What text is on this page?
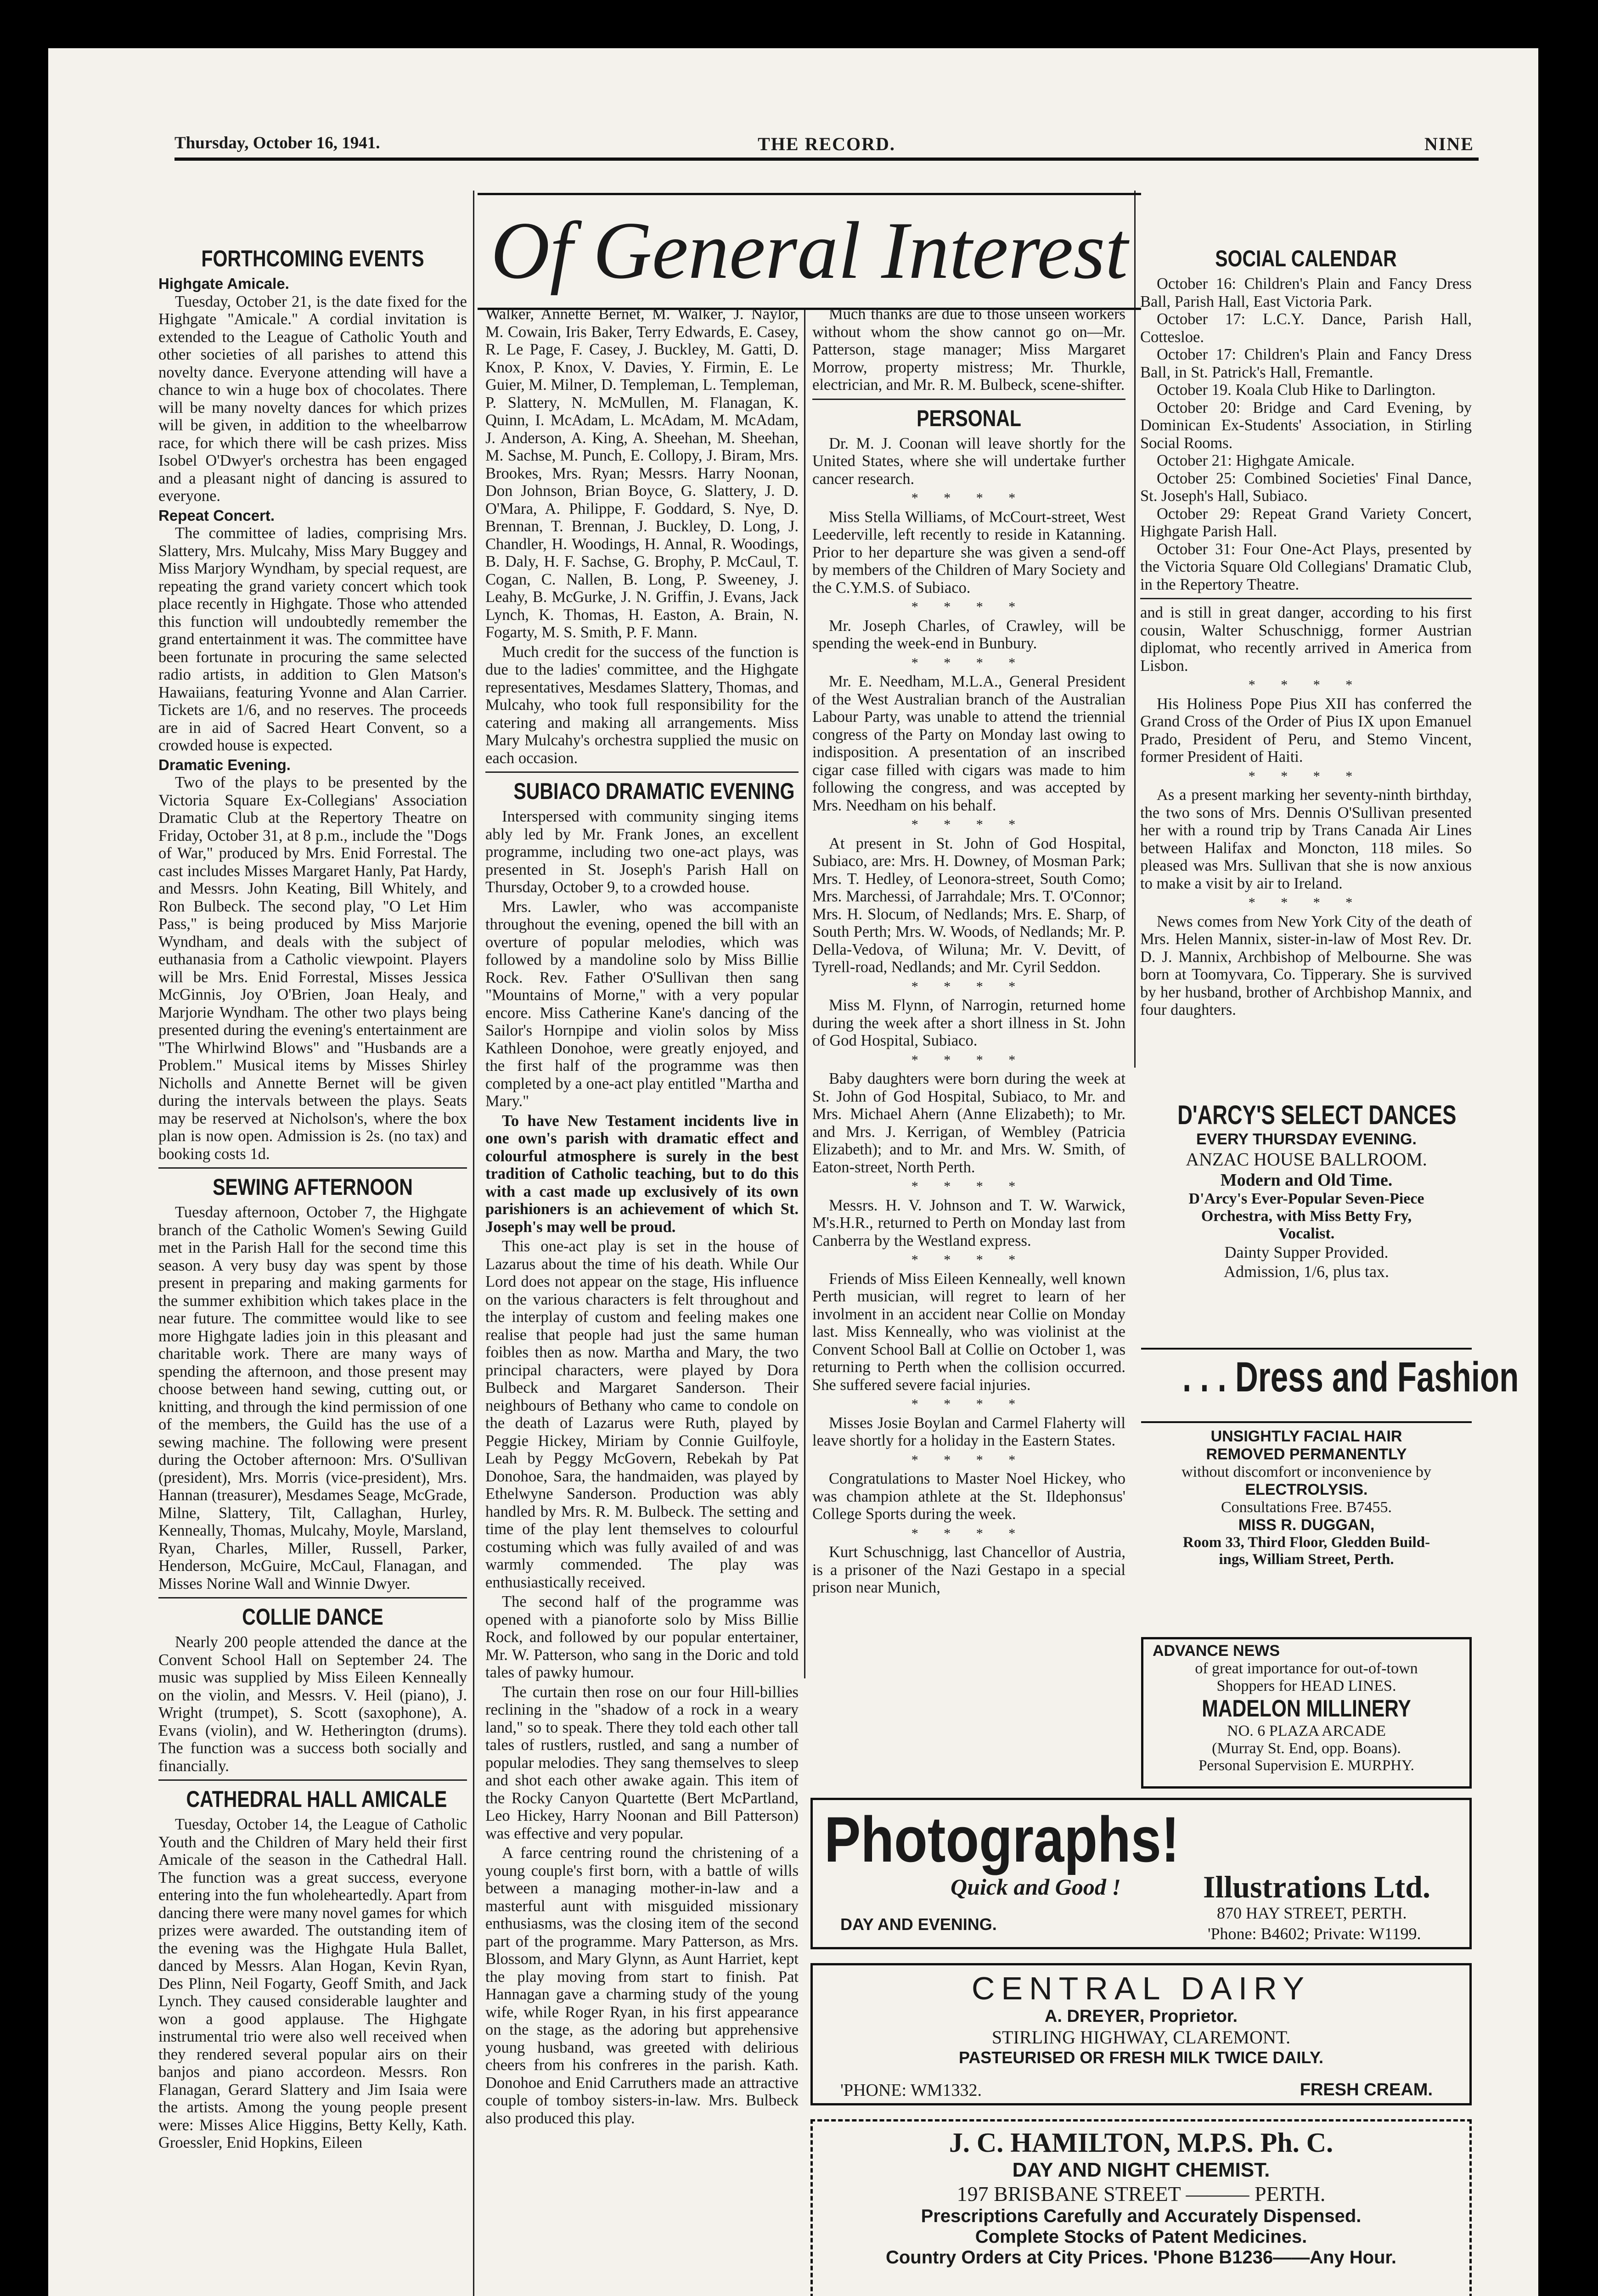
Thursday, October 16, 1941.	THE RECORD.	NINE
FORTHCOMING EVENTS
Highgate Amicale.

Tuesday, October 21, is the date fixed for the Highgate "Amicale." A cordial invitation is extended to the League of Catholic Youth and other societies of all parishes to attend this novelty dance. Everyone attending will have a chance to win a huge box of chocolates. There will be many novelty dances for which prizes will be given, in addition to the wheelbarrow race, for which there will be cash prizes. Miss Isobel O'Dwyer's orchestra has been engaged and a pleasant night of dancing is assured to everyone.

Repeat Concert.

The committee of ladies, comprising Mrs. Slattery, Mrs. Mulcahy, Miss Mary Buggey and Miss Marjory Wyndham, by special request, are repeating the grand variety concert which took place recently in Highgate. Those who attended this function will undoubtedly remember the grand entertainment it was. The committee have been fortunate in procuring the same selected radio artists, in addition to Glen Matson's Hawaiians, featuring Yvonne and Alan Carrier. Tickets are 1/6, and no reserves. The proceeds are in aid of Sacred Heart Convent, so a crowded house is expected.

Dramatic Evening.

Two of the plays to be presented by the Victoria Square Ex-Collegians' Association Dramatic Club at the Repertory Theatre on Friday, October 31, at 8 p.m., include the "Dogs of War," produced by Mrs. Enid Forrestal. The cast includes Misses Margaret Hanly, Pat Hardy, and Messrs. John Keating, Bill Whitely, and Ron Bulbeck. The second play, "O Let Him Pass," is being produced by Miss Marjorie Wyndham, and deals with the subject of euthanasia from a Catholic viewpoint. Players will be Mrs. Enid Forrestal, Misses Jessica McGinnis, Joy O'Brien, Joan Healy, and Marjorie Wyndham. The other two plays being presented during the evening's entertainment are "The Whirlwind Blows" and "Husbands are a Problem." Musical items by Misses Shirley Nicholls and Annette Bernet will be given during the intervals between the plays. Seats may be reserved at Nicholson's, where the box plan is now open. Admission is 2s. (no tax) and booking costs 1d.

SEWING AFTERNOON

Tuesday afternoon, October 7, the Highgate branch of the Catholic Women's Sewing Guild met in the Parish Hall for the second time this season. A very busy day was spent by those present in preparing and making garments for the summer exhibition which takes place in the near future. The committee would like to see more Highgate ladies join in this pleasant and charitable work. There are many ways of spending the afternoon, and those present may choose between hand sewing, cutting out, or knitting, and through the kind permission of one of the members, the Guild has the use of a sewing machine. The following were present during the October afternoon: Mrs. O'Sullivan (president), Mrs. Morris (vice-president), Mrs. Hannan (treasurer), Mesdames Seage, McGrade, Milne, Slattery, Tilt, Callaghan, Hurley, Kenneally, Thomas, Mulcahy, Moyle, Marsland, Ryan, Charles, Miller, Russell, Parker, Henderson, McGuire, McCaul, Flanagan, and Misses Norine Wall and Winnie Dwyer.

COLLIE DANCE

Nearly 200 people attended the dance at the Convent School Hall on September 24. The music was supplied by Miss Eileen Kenneally on the violin, and Messrs. V. Heil (piano), J. Wright (trumpet), S. Scott (saxophone), A. Evans (violin), and W. Hetherington (drums). The function was a success both socially and financially.

CATHEDRAL HALL AMICALE

Tuesday, October 14, the League of Catholic Youth and the Children of Mary held their first Amicale of the season in the Cathedral Hall. The function was a great success, everyone entering into the fun wholeheartedly. Apart from dancing there were many novel games for which prizes were awarded. The outstanding item of the evening was the Highgate Hula Ballet, danced by Messrs. Alan Hogan, Kevin Ryan, Des Plinn, Neil Fogarty, Geoff Smith, and Jack Lynch. They caused considerable laughter and won a good applause. The Highgate instrumental trio were also well received when they rendered several popular airs on their banjos and piano accordeon. Messrs. Ron Flanagan, Gerard Slattery and Jim Isaia were the artists. Among the young people present were: Misses Alice Higgins, Betty Kelly, Kath. Groessler, Enid Hopkins, Eileen

Of General Interest

Walker, Annette Bernet, M. Walker, J. Naylor, M. Cowain, Iris Baker, Terry Edwards, E. Casey, R. Le Page, F. Casey, J. Buckley, M. Gatti, D. Knox, P. Knox, V. Davies, Y. Firmin, E. Le Guier, M. Milner, D. Templeman, L. Templeman, P. Slattery, N. McMullen, M. Flanagan, K. Quinn, I. McAdam, L. McAdam, M. McAdam, J. Anderson, A. King, A. Sheehan, M. Sheehan, M. Sachse, M. Punch, E. Collopy, J. Biram, Mrs. Brookes, Mrs. Ryan; Messrs. Harry Noonan, Don Johnson, Brian Boyce, G. Slattery, J. D. O'Mara, A. Philippe, F. Goddard, S. Nye, D. Brennan, T. Brennan, J. Buckley, D. Long, J. Chandler, H. Woodings, H. Annal, R. Woodings, B. Daly, H. F. Sachse, G. Brophy, P. McCaul, T. Cogan, C. Nallen, B. Long, P. Sweeney, J. Leahy, B. McGurke, J. N. Griffin, J. Evans, Jack Lynch, K. Thomas, H. Easton, A. Brain, N. Fogarty, M. S. Smith, P. F. Mann.

Much credit for the success of the function is due to the ladies' committee, and the Highgate representatives, Mesdames Slattery, Thomas, and Mulcahy, who took full responsibility for the catering and making all arrangements. Miss Mary Mulcahy's orchestra supplied the music on each occasion.

SUBIACO DRAMATIC EVENING

Interspersed with community singing items ably led by Mr. Frank Jones, an excellent programme, including two one-act plays, was presented in St. Joseph's Parish Hall on Thursday, October 9, to a crowded house.

Mrs. Lawler, who was accompaniste throughout the evening, opened the bill with an overture of popular melodies, which was followed by a mandoline solo by Miss Billie Rock. Rev. Father O'Sullivan then sang "Mountains of Morne," with a very popular encore. Miss Catherine Kane's dancing of the Sailor's Hornpipe and violin solos by Miss Kathleen Donohoe, were greatly enjoyed, and the first half of the programme was then completed by a one-act play entitled "Martha and Mary."

To have New Testament incidents live in one own's parish with dramatic effect and colourful atmosphere is surely in the best tradition of Catholic teaching, but to do this with a cast made up exclusively of its own parishioners is an achievement of which St. Joseph's may well be proud.

This one-act play is set in the house of Lazarus about the time of his death. While Our Lord does not appear on the stage, His influence on the various characters is felt throughout and the interplay of custom and feeling makes one realise that people had just the same human foibles then as now. Martha and Mary, the two principal characters, were played by Dora Bulbeck and Margaret Sanderson. Their neighbours of Bethany who came to condole on the death of Lazarus were Ruth, played by Peggie Hickey, Miriam by Connie Guilfoyle, Leah by Peggy McGovern, Rebekah by Pat Donohoe, Sara, the handmaiden, was played by Ethelwyne Sanderson. Production was ably handled by Mrs. R. M. Bulbeck. The setting and time of the play lent themselves to colourful costuming which was fully availed of and was warmly commended. The play was enthusiastically received.

The second half of the programme was opened with a pianoforte solo by Miss Billie Rock, and followed by our popular entertainer, Mr. W. Patterson, who sang in the Doric and told tales of pawky humour.

The curtain then rose on our four Hill-billies reclining in the "shadow of a rock in a weary land," so to speak. There they told each other tall tales of rustlers, rustled, and sang a number of popular melodies. They sang themselves to sleep and shot each other awake again. This item of the Rocky Canyon Quartette (Bert McPartland, Leo Hickey, Harry Noonan and Bill Patterson) was effective and very popular.

A farce centring round the christening of a young couple's first born, with a battle of wills between a managing mother-in-law and a masterful aunt with misguided missionary enthusiasms, was the closing item of the second part of the programme. Mary Patterson, as Mrs. Blossom, and Mary Glynn, as Aunt Harriet, kept the play moving from start to finish. Pat Hannagan gave a charming study of the young wife, while Roger Ryan, in his first appearance on the stage, as the adoring but apprehensive young husband, was greeted with delirious cheers from his confreres in the parish. Kath. Donohoe and Enid Carruthers made an attractive couple of tomboy sisters-in-law. Mrs. Bulbeck also produced this play.

Much thanks are due to those unseen workers without whom the show cannot go on—Mr. Patterson, stage manager; Miss Margaret Morrow, property mistress; Mr. Thurkle, electrician, and Mr. R. M. Bulbeck, scene-shifter.

PERSONAL

Dr. M. J. Coonan will leave shortly for the United States, where she will undertake further cancer research.

* * * *

Miss Stella Williams, of McCourt-street, West Leederville, left recently to reside in Katanning. Prior to her departure she was given a send-off by members of the Children of Mary Society and the C.Y.M.S. of Subiaco.

* * * *

Mr. Joseph Charles, of Crawley, will be spending the week-end in Bunbury.

* * * *

Mr. E. Needham, M.L.A., General President of the West Australian branch of the Australian Labour Party, was unable to attend the triennial congress of the Party on Monday last owing to indisposition. A presentation of an inscribed cigar case filled with cigars was made to him following the congress, and was accepted by Mrs. Needham on his behalf.

* * * *

At present in St. John of God Hospital, Subiaco, are: Mrs. H. Downey, of Mosman Park; Mrs. T. Hedley, of Leonora-street, South Como; Mrs. Marchessi, of Jarrahdale; Mrs. T. O'Connor; Mrs. H. Slocum, of Nedlands; Mrs. E. Sharp, of South Perth; Mrs. W. Woods, of Nedlands; Mr. P. Della-Vedova, of Wiluna; Mr. V. Devitt, of Tyrell-road, Nedlands; and Mr. Cyril Seddon.

* * * *

Miss M. Flynn, of Narrogin, returned home during the week after a short illness in St. John of God Hospital, Subiaco.

* * * *

Baby daughters were born during the week at St. John of God Hospital, Subiaco, to Mr. and Mrs. Michael Ahern (Anne Elizabeth); to Mr. and Mrs. J. Kerrigan, of Wembley (Patricia Elizabeth); and to Mr. and Mrs. W. Smith, of Eaton-street, North Perth.

* * * *

Messrs. H. V. Johnson and T. W. Warwick, M's.H.R., returned to Perth on Monday last from Canberra by the Westland express.

* * * *

Friends of Miss Eileen Kenneally, well known Perth musician, will regret to learn of her involment in an accident near Collie on Monday last. Miss Kenneally, who was violinist at the Convent School Ball at Collie on October 1, was returning to Perth when the collision occurred. She suffered severe facial injuries.

* * * *

Misses Josie Boylan and Carmel Flaherty will leave shortly for a holiday in the Eastern States.

* * * *

Congratulations to Master Noel Hickey, who was champion athlete at the St. Ildephonsus' College Sports during the week.

* * * *

Kurt Schuschnigg, last Chancellor of Austria, is a prisoner of the Nazi Gestapo in a special prison near Munich,

SOCIAL CALENDAR

October 16: Children's Plain and Fancy Dress Ball, Parish Hall, East Victoria Park.

October 17: L.C.Y. Dance, Parish Hall, Cottesloe.

October 17: Children's Plain and Fancy Dress Ball, in St. Patrick's Hall, Fremantle.

October 19. Koala Club Hike to Darlington.

October 20: Bridge and Card Evening, by Dominican Ex-Students' Association, in Stirling Social Rooms.

October 21: Highgate Amicale.

October 25: Combined Societies' Final Dance, St. Joseph's Hall, Subiaco.

October 29: Repeat Grand Variety Concert, Highgate Parish Hall.

October 31: Four One-Act Plays, presented by the Victoria Square Old Collegians' Dramatic Club, in the Repertory Theatre.

and is still in great danger, according to his first cousin, Walter Schuschnigg, former Austrian diplomat, who recently arrived in America from Lisbon.

* * * *

His Holiness Pope Pius XII has conferred the Grand Cross of the Order of Pius IX upon Emanuel Prado, President of Peru, and Stemo Vincent, former President of Haiti.

* * * *

As a present marking her seventy-ninth birthday, the two sons of Mrs. Dennis O'Sullivan presented her with a round trip by Trans Canada Air Lines between Halifax and Moncton, 118 miles. So pleased was Mrs. Sullivan that she is now anxious to make a visit by air to Ireland.

* * * *

News comes from New York City of the death of Mrs. Helen Mannix, sister-in-law of Most Rev. Dr. D. J. Mannix, Archbishop of Melbourne. She was born at Toomyvara, Co. Tipperary. She is survived by her husband, brother of Archbishop Mannix, and four daughters.

D'ARCY'S SELECT DANCES
EVERY THURSDAY EVENING.
ANZAC HOUSE BALLROOM.
Modern and Old Time.
D'Arcy's Ever-Popular Seven-Piece
Orchestra, with Miss Betty Fry,
Vocalist.
Dainty Supper Provided.
Admission, 1/6, plus tax.
. . . Dress and Fashion
UNSIGHTLY FACIAL HAIR
REMOVED PERMANENTLY
without discomfort or inconvenience by
ELECTROLYSIS.
Consultations Free. B7455.
MISS R. DUGGAN,
Room 33, Third Floor, Gledden Build-
ings, William Street, Perth.
ADVANCE NEWS
of great importance for out-of-town
Shoppers for HEAD LINES.
MADELON MILLINERY
NO. 6 PLAZA ARCADE
(Murray St. End, opp. Boans).
Personal Supervision E. MURPHY.
Photographs!
Quick and Good !
DAY AND EVENING.
Illustrations Ltd.
870 HAY STREET, PERTH.
'Phone: B4602; Private: W1199.
CENTRAL DAIRY
A. DREYER, Proprietor.
STIRLING HIGHWAY, CLAREMONT.
PASTEURISED OR FRESH MILK TWICE DAILY.
'PHONE: WM1332.	FRESH CREAM.
J. C. HAMILTON, M.P.S. Ph. C.
DAY AND NIGHT CHEMIST.
197 BRISBANE STREET ——— PERTH.
Prescriptions Carefully and Accurately Dispensed.
Complete Stocks of Patent Medicines.
Country Orders at City Prices. 'Phone B1236——Any Hour.
